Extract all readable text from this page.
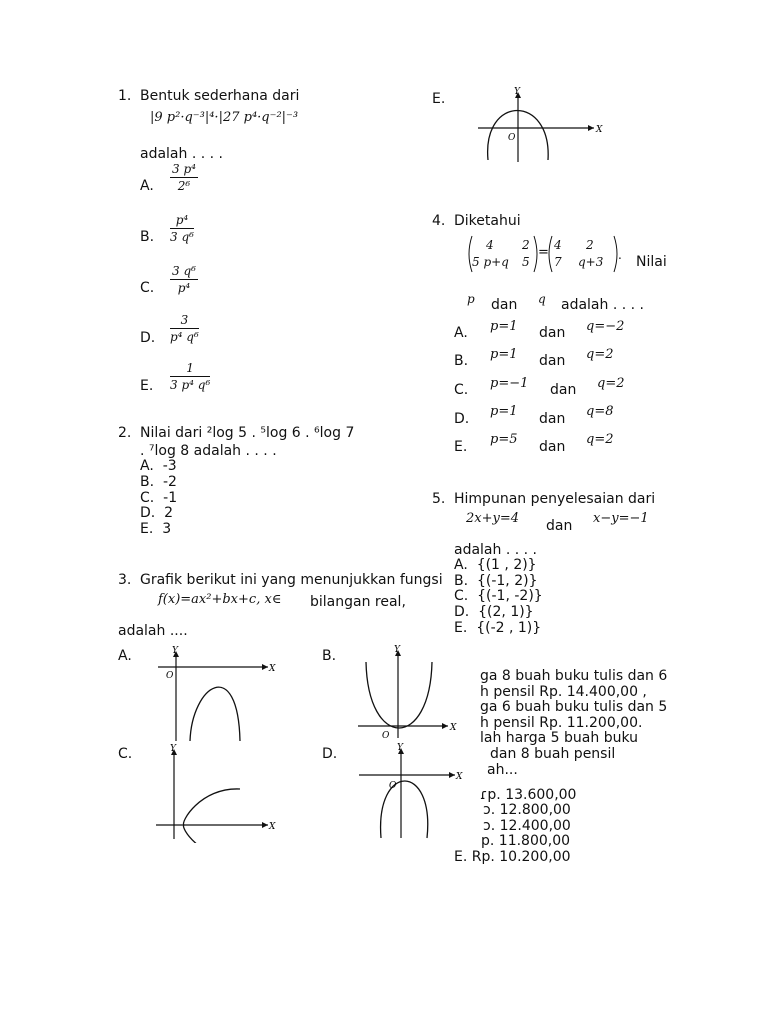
1. Bentuk sederhana dari
|9 p²·q⁻³|⁴·|27 p⁴·q⁻²|⁻³
adalah . . . .
A. $\frac{\text{3 p⁴}}{\text{2⁶}}$
B. $\frac{\text{p⁴}}{\text{3 q⁶}}$
C. $\frac{\text{3 q⁶}}{\text{p⁴}}$
D. $\frac{3}{\text{p⁴ q⁶}}$
E. $\frac{1}{\text{3 p⁴ q⁶}}$
2. Nilai dari ²log 5 . ⁵log 6 . ⁶log 7
. ⁷log 8 adalah . . . .
A. -3
B. -2
C. -1
D. 2
E. 3
3. Grafik berikut ini yang menunjukkan fungsi
f(x)=ax²+bx+c, x∈ bilangan real,
adalah ....
A.	B.
C.	D.
E.
Y
X
O
Y
X
O
Y
X
Y
X
O
Y
X
O
4. Diketahui
4 2
5 p+q 5
= 4 2
7 q+3 . Nilai
p dan q adalah . . . .
A. p=1 dan q=−2
B. p=1 dan q=2
C. p=−1 dan q=2
D. p=1 dan q=8
E. p=5 dan q=2
5. Himpunan penyelesaian dari
2x+y=4 dan x−y=−1
adalah . . . .
A. {(1 , 2)}
B. {(-1, 2)}
C. {(-1, -2)}
D. {(2, 1)}
E. {(-2 , 1)}
ga 8 buah buku tulis dan 6
h pensil Rp. 14.400,00 ,
ga 6 buah buku tulis dan 5
h pensil Rp. 11.200,00.
lah harga 5 buah buku
dan 8 buah pensil
ah...
ɾp. 13.600,00
ɔ. 12.800,00
ɔ. 12.400,00
p. 11.800,00
E. Rp. 10.200,00
